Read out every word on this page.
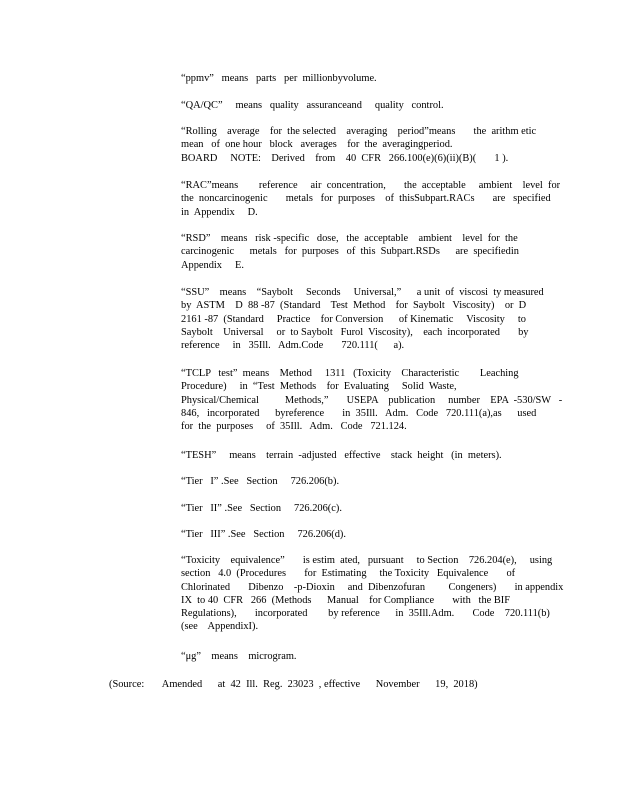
“ppmv”   means   parts   per  millionbyvolume.

“QA/QC”     means   quality   assuranceand     quality   control.

“Rolling    average    for  the selected    averaging    period”means       the  arithm etic
mean   of  one hour   block   averages    for  the  averagingperiod.
BOARD     NOTE:    Derived    from    40  CFR   266.100(e)(6)(ii)(B)(       1 ).

“RAC”means        reference     air  concentration,       the  acceptable     ambient    level  for
the  noncarcinogenic       metals   for  purposes    of  thisSubpart.RACs       are   specified
in  Appendix     D.

“RSD”    means   risk -specific   dose,   the  acceptable    ambient    level  for  the
carcinogenic      metals   for  purposes   of  this  Subpart.RSDs      are  specifiedin
Appendix     E.

“SSU”    means    “Saybolt     Seconds     Universal,”      a unit  of  viscosi  ty measured
by  ASTM    D  88 -87  (Standard    Test  Method    for  Saybolt   Viscosity)    or  D
2161 -87  (Standard     Practice    for Conversion      of Kinematic     Viscosity     to
Saybolt    Universal     or  to Saybolt   Furol  Viscosity),    each  incorporated       by
reference     in   35Ill.   Adm.Code       720.111(      a).

“TCLP   test”  means    Method     1311   (Toxicity    Characteristic        Leaching
Procedure)     in  “Test  Methods    for  Evaluating     Solid  Waste,
Physical/Chemical          Methods,”       USEPA    publication     number    EPA  -530/SW   -
846,   incorporated      byreference       in  35Ill.   Adm.   Code   720.111(a),as      used
for  the  purposes     of  35Ill.   Adm.   Code   721.124.

“TESH”     means    terrain  -adjusted   effective    stack  height   (in  meters).

“Tier   I” .See   Section     726.206(b).

“Tier   II” .See   Section     726.206(c).

“Tier   III” .See   Section     726.206(d).

“Toxicity    equivalence”       is estim  ated,   pursuant     to Section    726.204(e),     using
section   4.0  (Procedures       for  Estimating     the Toxicity   Equivalence       of
Chlorinated       Dibenzo    -p-Dioxin     and  Dibenzofuran         Congeners)       in appendix
IX  to 40  CFR   266  (Methods      Manual    for Compliance       with   the BIF
Regulations),       incorporated        by reference      in  35Ill.Adm.       Code    720.111(b)
(see    AppendixI).

“μg”    means    microgram.

(Source:       Amended      at  42  Ill.  Reg.  23023  , effective      November      19,  2018)
